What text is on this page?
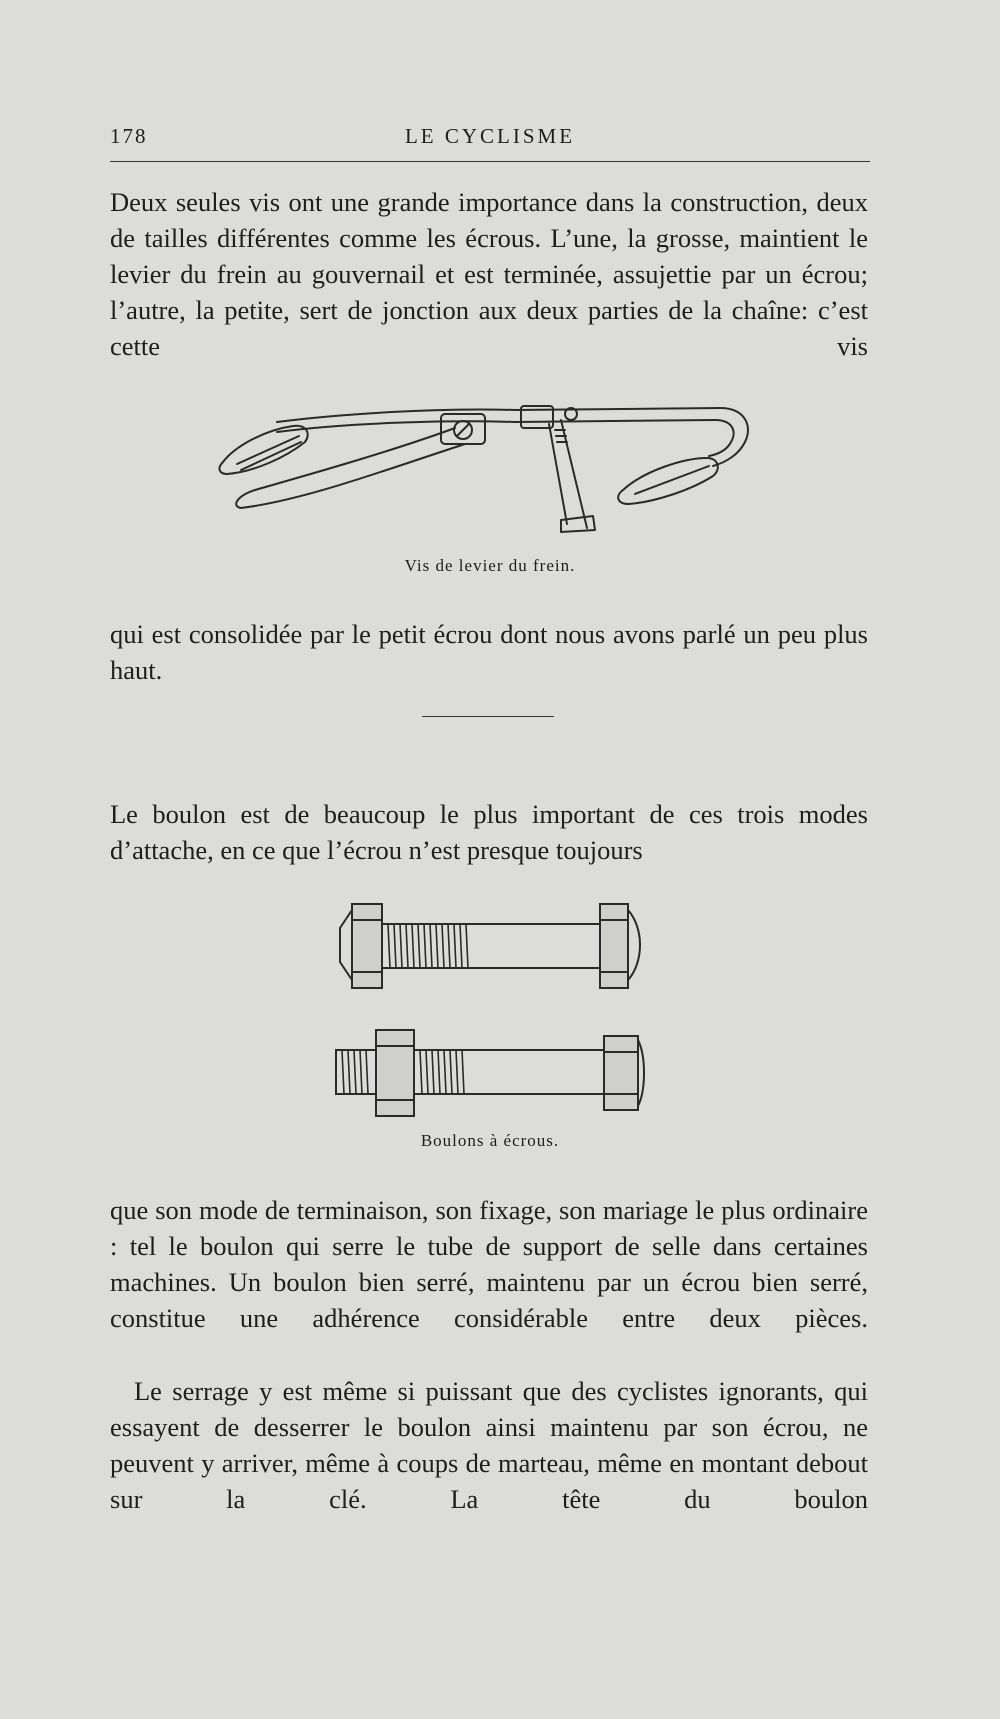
178	LE CYCLISME

Deux seules vis ont une grande importance dans la construction, deux de tailles différentes comme les écrous. L’une, la grosse, maintient le levier du frein au gouvernail et est terminée, assujettie par un écrou; l’autre, la petite, sert de jonction aux deux parties de la chaîne: c’est cette vis

Vis de levier du frein.

qui est consolidée par le petit écrou dont nous avons parlé un peu plus haut.

Le boulon est de beaucoup le plus important de ces trois modes d’attache, en ce que l’écrou n’est presque toujours

Boulons à écrous.

que son mode de terminaison, son fixage, son mariage le plus ordinaire : tel le boulon qui serre le tube de support de selle dans certaines machines. Un boulon bien serré, maintenu par un écrou bien serré, constitue une adhérence considérable entre deux pièces.

Le serrage y est même si puissant que des cyclistes ignorants, qui essayent de desserrer le boulon ainsi maintenu par son écrou, ne peuvent y arriver, même à coups de marteau, même en montant debout sur la clé. La tête du boulon
